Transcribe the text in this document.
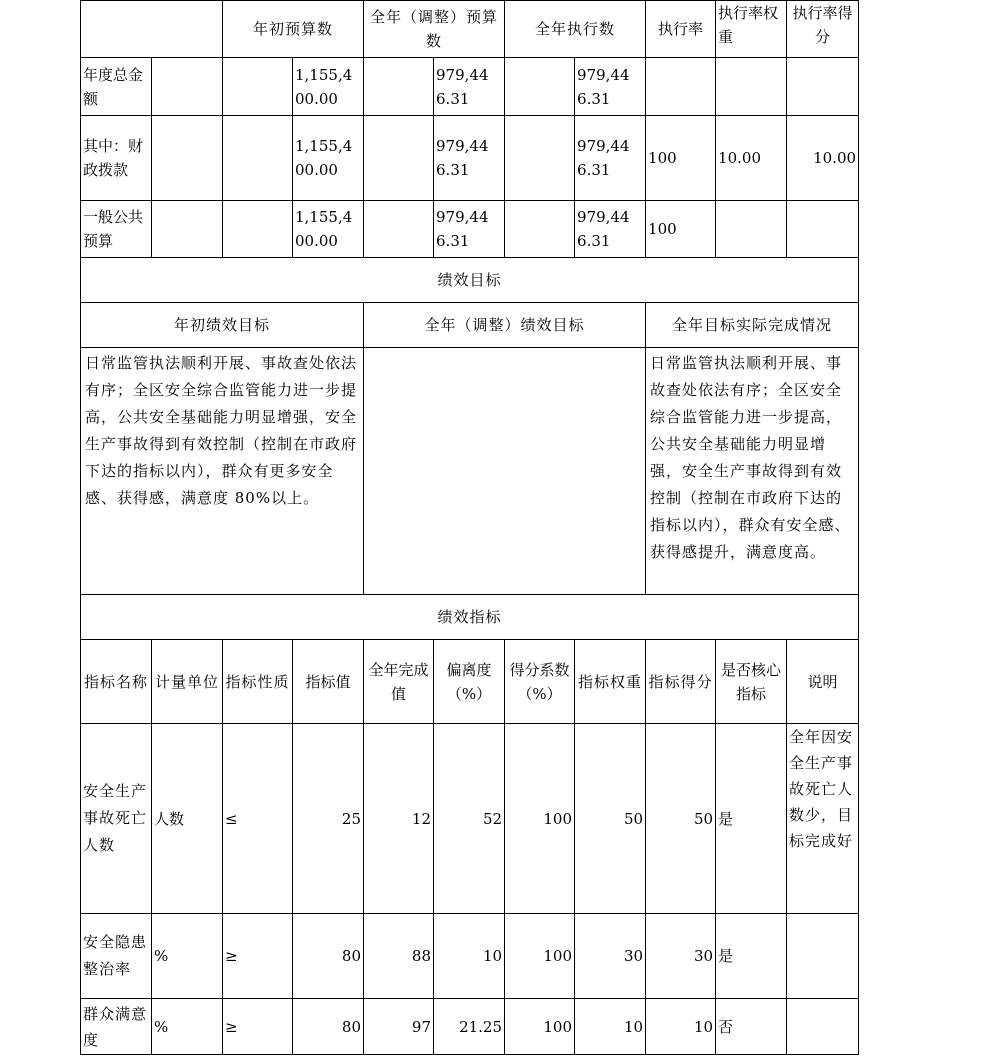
		年初预算数		全年（调整）预算数		全年执行数		执行率	执行率权重	执行率得分
年度总金额			1,155,400.00		979,446.31		979,446.31			
其中：财政拨款			1,155,400.00		979,446.31		979,446.31	100	10.00	10.00
一般公共预算			1,155,400.00		979,446.31		979,446.31	100		
绩效目标										
年初绩效目标				全年（调整）绩效目标				全年目标实际完成情况		
日常监管执法顺利开展、事故查处依法有序；全区安全综合监管能力进一步提高，公共安全基础能力明显增强，安全生产事故得到有效控制（控制在市政府下达的指标以内），群众有更多安全感、获得感，满意度 80%以上。								日常监管执法顺利开展、事故查处依法有序；全区安全综合监管能力进一步提高，公共安全基础能力明显增强，安全生产事故得到有效控制（控制在市政府下达的指标以内），群众有安全感、获得感提升，满意度高。		
绩效指标										
指标名称	计量单位	指标性质	指标值	全年完成值	偏离度（%）	得分系数（%）	指标权重	指标得分	是否核心指标	说明
安全生产事故死亡人数	人数	≤	25	12	52	100	50	50	是	全年因安全生产事故死亡人数少，目标完成好
安全隐患整治率	%	≥	80	88	10	100	30	30	是	
群众满意度	%	≥	80	97	21.25	100	10	10	否	
